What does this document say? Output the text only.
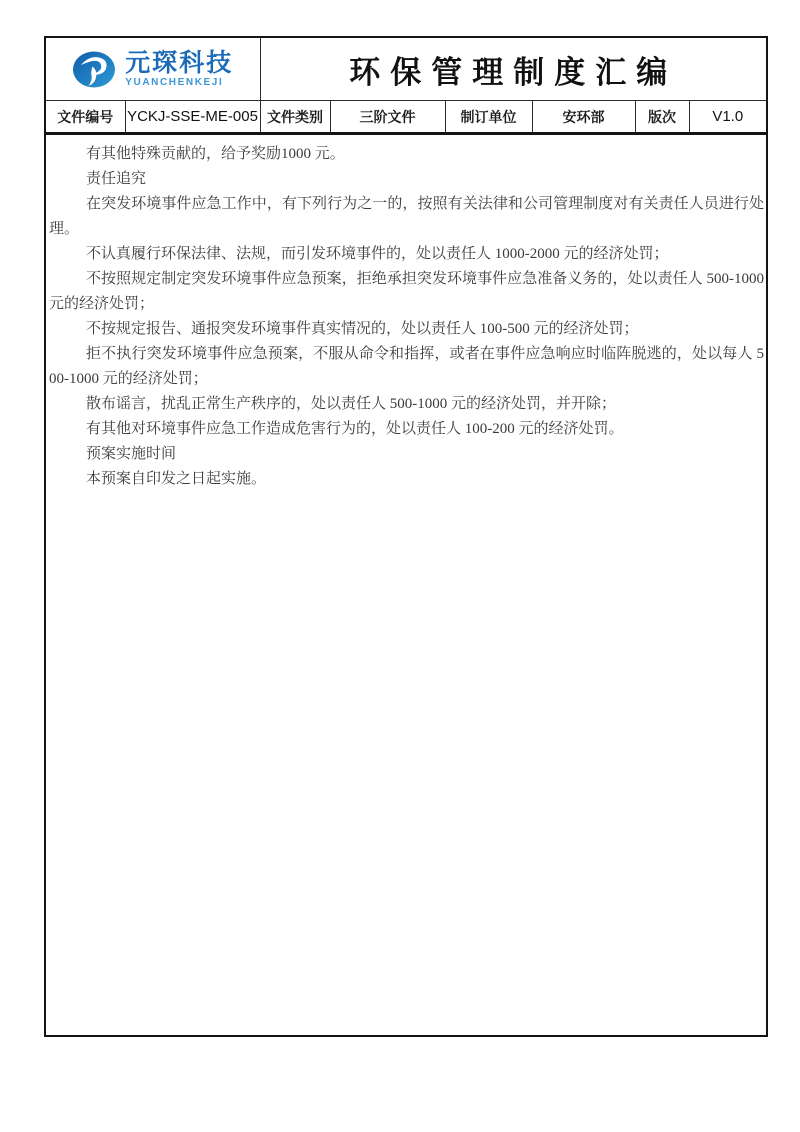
元琛科技
YUANCHENKEJI		环保管理制度汇编					

文件编号	YCKJ-SSE-ME-005	文件类别	三阶文件	制订单位	安环部	版次	V1.0

有其他特殊贡献的，给予奖励1000 元。

责任追究

在突发环境事件应急工作中，有下列行为之一的，按照有关法律和公司管理制度对有关责任人员进行处理。

不认真履行环保法律、法规，而引发环境事件的，处以责任人 1000-2000 元的经济处罚；

不按照规定制定突发环境事件应急预案，拒绝承担突发环境事件应急准备义务的，处以责任人 500-1000 元的经济处罚；

不按规定报告、通报突发环境事件真实情况的，处以责任人 100-500 元的经济处罚；

拒不执行突发环境事件应急预案，不服从命令和指挥，或者在事件应急响应时临阵脱逃的，处以每人 500-1000 元的经济处罚；

散布谣言，扰乱正常生产秩序的，处以责任人 500-1000 元的经济处罚，并开除；

有其他对环境事件应急工作造成危害行为的，处以责任人 100-200 元的经济处罚。

预案实施时间

本预案自印发之日起实施。
